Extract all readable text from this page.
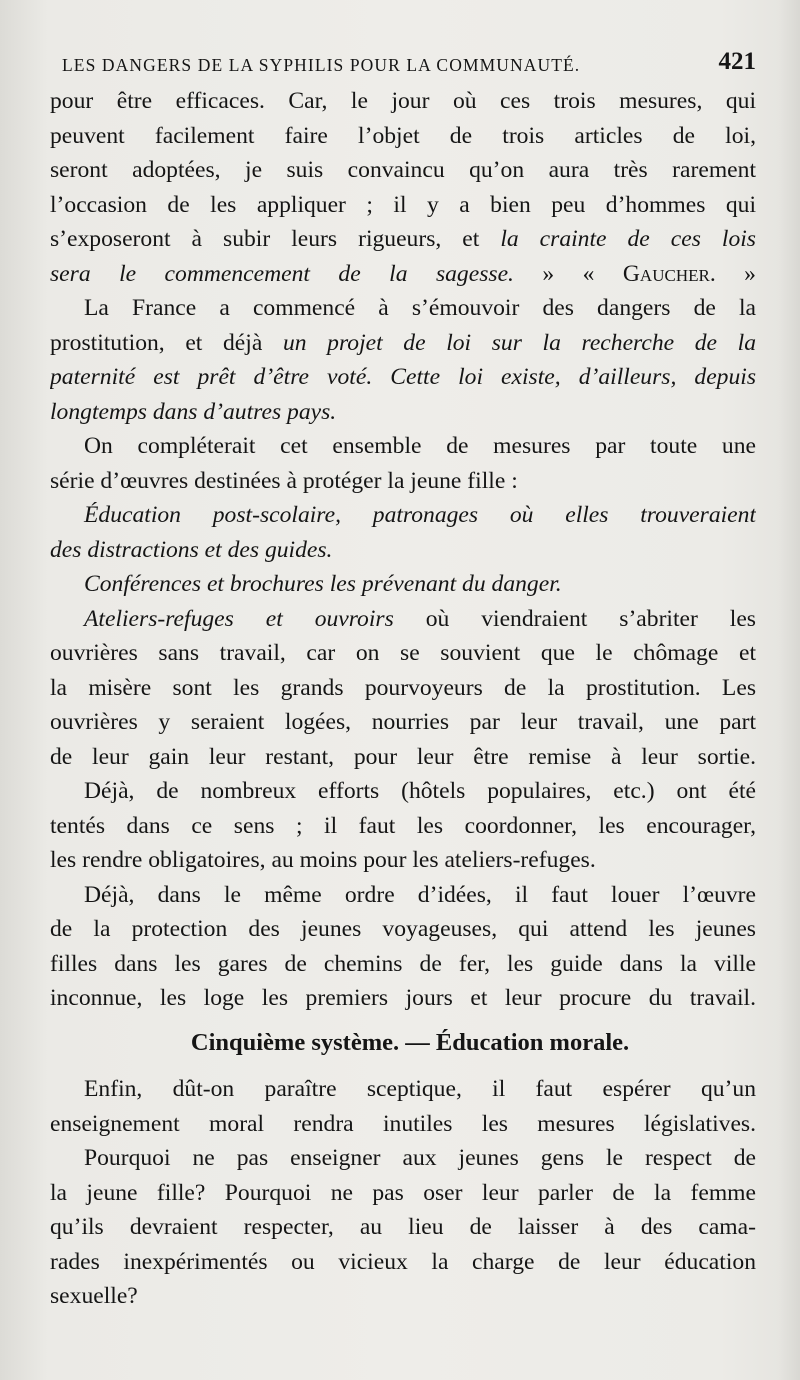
LES DANGERS DE LA SYPHILIS POUR LA COMMUNAUTÉ.	421
pour être efficaces. Car, le jour où ces trois mesures, qui
peuvent facilement faire l’objet de trois articles de loi,
seront adoptées, je suis convaincu qu’on aura très rarement
l’occasion de les appliquer ; il y a bien peu d’hommes qui
s’exposeront à subir leurs rigueurs, et la crainte de ces lois
sera le commencement de la sagesse. » « Gaucher. »
La France a commencé à s’émouvoir des dangers de la
prostitution, et déjà un projet de loi sur la recherche de la
paternité est prêt d’être voté. Cette loi existe, d’ailleurs, depuis
longtemps dans d’autres pays.
On compléterait cet ensemble de mesures par toute une
série d’œuvres destinées à protéger la jeune fille :
Éducation post-scolaire, patronages où elles trouveraient
des distractions et des guides.
Conférences et brochures les prévenant du danger.
Ateliers-refuges et ouvroirs où viendraient s’abriter les
ouvrières sans travail, car on se souvient que le chômage et
la misère sont les grands pourvoyeurs de la prostitution. Les
ouvrières y seraient logées, nourries par leur travail, une part
de leur gain leur restant, pour leur être remise à leur sortie.
Déjà, de nombreux efforts (hôtels populaires, etc.) ont été
tentés dans ce sens ; il faut les coordonner, les encourager,
les rendre obligatoires, au moins pour les ateliers-refuges.
Déjà, dans le même ordre d’idées, il faut louer l’œuvre
de la protection des jeunes voyageuses, qui attend les jeunes
filles dans les gares de chemins de fer, les guide dans la ville
inconnue, les loge les premiers jours et leur procure du travail.
Cinquième système. — Éducation morale.
Enfin, dût-on paraître sceptique, il faut espérer qu’un
enseignement moral rendra inutiles les mesures législatives.
Pourquoi ne pas enseigner aux jeunes gens le respect de
la jeune fille? Pourquoi ne pas oser leur parler de la femme
qu’ils devraient respecter, au lieu de laisser à des cama-
rades inexpérimentés ou vicieux la charge de leur éducation
sexuelle?
